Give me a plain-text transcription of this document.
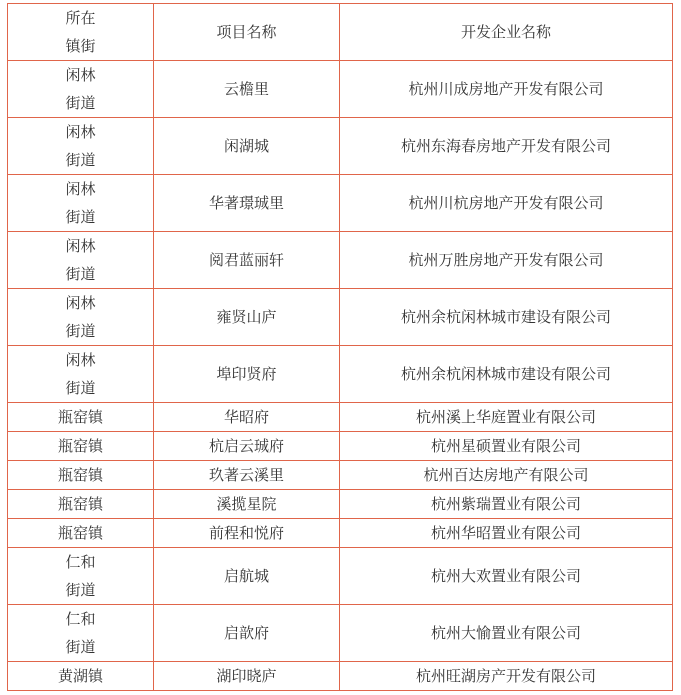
所在镇街	项目名称	开发企业名称
闲林街道	云檐里	杭州川成房地产开发有限公司
闲林街道	闲湖城	杭州东海春房地产开发有限公司
闲林街道	华著璟珹里	杭州川杭房地产开发有限公司
闲林街道	阅君蓝丽轩	杭州万胜房地产开发有限公司
闲林街道	雍贤山庐	杭州余杭闲林城市建设有限公司
闲林街道	埠印贤府	杭州余杭闲林城市建设有限公司
瓶窑镇	华昭府	杭州溪上华庭置业有限公司
瓶窑镇	杭启云珹府	杭州星硕置业有限公司
瓶窑镇	玖著云溪里	杭州百达房地产有限公司
瓶窑镇	溪揽星院	杭州紫瑞置业有限公司
瓶窑镇	前程和悦府	杭州华昭置业有限公司
仁和街道	启航城	杭州大欢置业有限公司
仁和街道	启歆府	杭州大愉置业有限公司
黄湖镇	湖印晓庐	杭州旺湖房产开发有限公司
